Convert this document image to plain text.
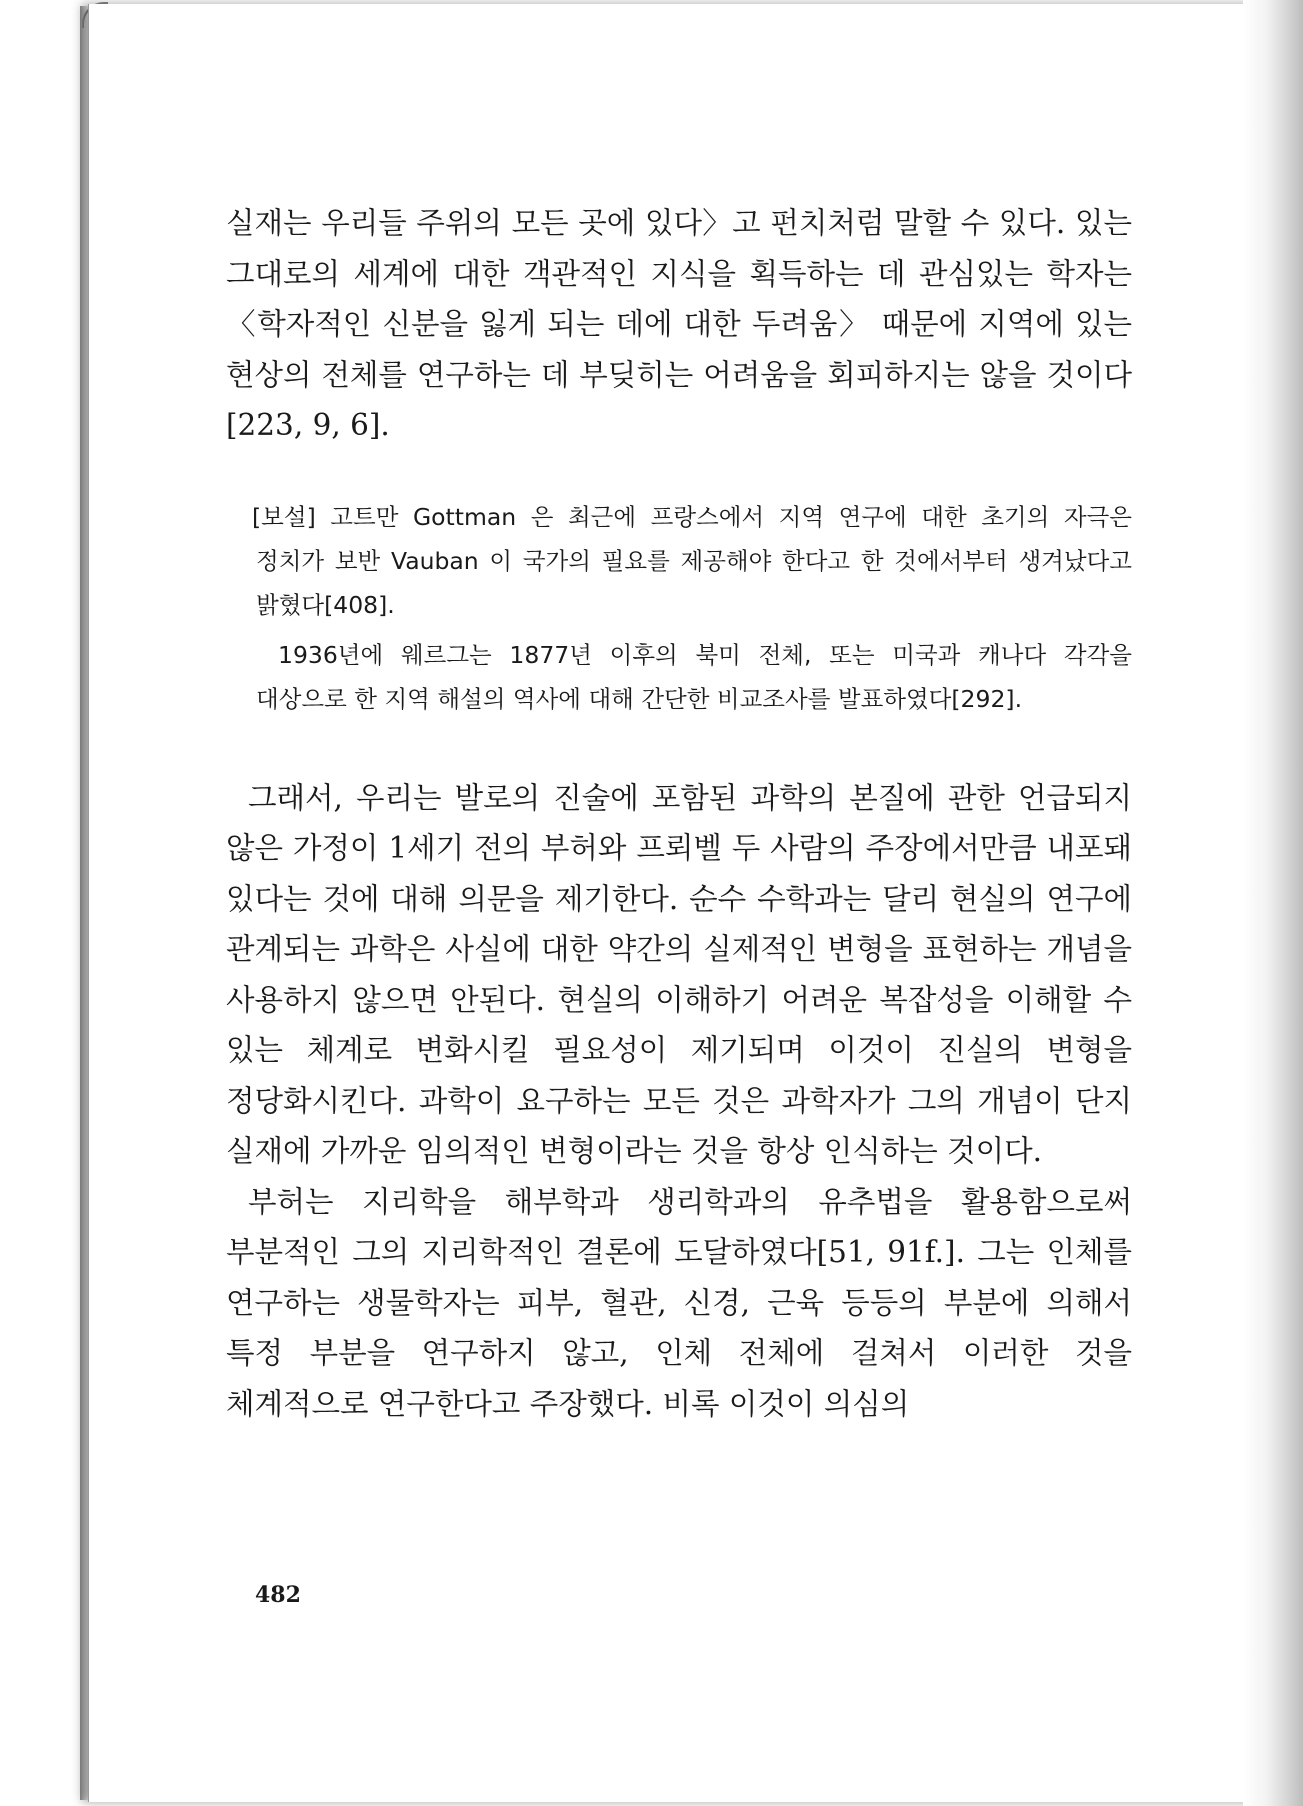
실재는 우리들 주위의 모든 곳에 있다〉고 펀치처럼 말할 수 있다. 있는 그대로의 세계에 대한 객관적인 지식을 획득하는 데 관심있는 학자는 〈학자적인 신분을 잃게 되는 데에 대한 두려움〉 때문에 지역에 있는 현상의 전체를 연구하는 데 부딪히는 어려움을 회피하지는 않을 것이다[223, 9, 6].

[보설] 고트만 Gottman 은 최근에 프랑스에서 지역 연구에 대한 초기의 자극은 정치가 보반 Vauban 이 국가의 필요를 제공해야 한다고 한 것에서부터 생겨났다고 밝혔다[408].

1936년에 웨르그는 1877년 이후의 북미 전체, 또는 미국과 캐나다 각각을 대상으로 한 지역 해설의 역사에 대해 간단한 비교조사를 발표하였다[292].

그래서, 우리는 발로의 진술에 포함된 과학의 본질에 관한 언급되지 않은 가정이 1세기 전의 부허와 프뢰벨 두 사람의 주장에서만큼 내포돼 있다는 것에 대해 의문을 제기한다. 순수 수학과는 달리 현실의 연구에 관계되는 과학은 사실에 대한 약간의 실제적인 변형을 표현하는 개념을 사용하지 않으면 안된다. 현실의 이해하기 어려운 복잡성을 이해할 수 있는 체계로 변화시킬 필요성이 제기되며 이것이 진실의 변형을 정당화시킨다. 과학이 요구하는 모든 것은 과학자가 그의 개념이 단지 실재에 가까운 임의적인 변형이라는 것을 항상 인식하는 것이다.

부허는 지리학을 해부학과 생리학과의 유추법을 활용함으로써 부분적인 그의 지리학적인 결론에 도달하였다[51, 91f.]. 그는 인체를 연구하는 생물학자는 피부, 혈관, 신경, 근육 등등의 부분에 의해서 특정 부분을 연구하지 않고, 인체 전체에 걸쳐서 이러한 것을 체계적으로 연구한다고 주장했다. 비록 이것이 의심의

482
